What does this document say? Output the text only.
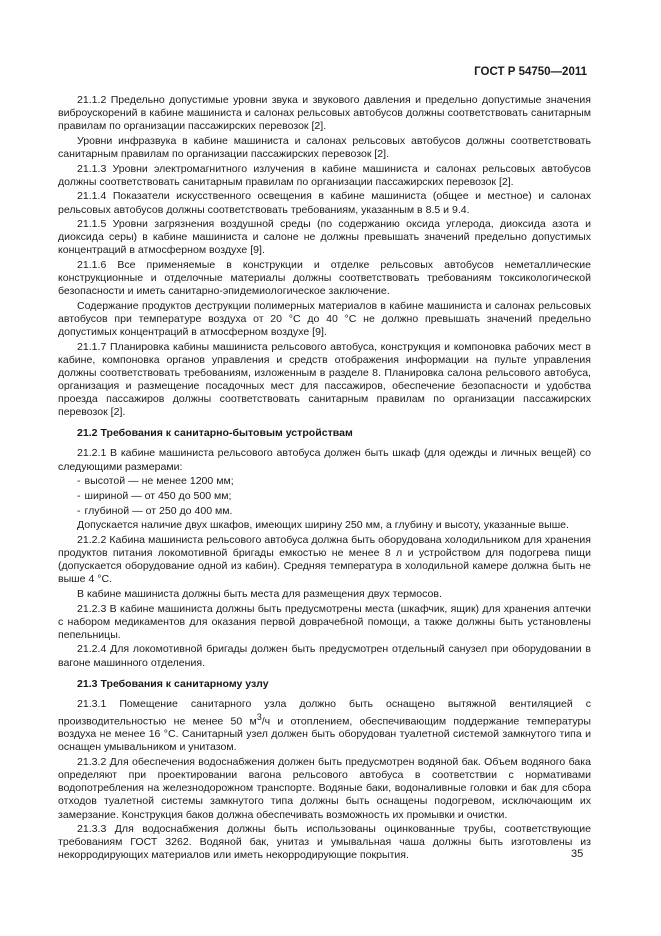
ГОСТ Р 54750—2011

21.1.2 Предельно допустимые уровни звука и звукового давления и предельно допустимые значения виброускорений в кабине машиниста и салонах рельсовых автобусов должны соответствовать санитарным правилам по организации пассажирских перевозок [2].

Уровни инфразвука в кабине машиниста и салонах рельсовых автобусов должны соответствовать санитарным правилам по организации пассажирских перевозок [2].

21.1.3 Уровни электромагнитного излучения в кабине машиниста и салонах рельсовых автобусов должны соответствовать санитарным правилам по организации пассажирских перевозок [2].

21.1.4 Показатели искусственного освещения в кабине машиниста (общее и местное) и салонах рельсовых автобусов должны соответствовать требованиям, указанным в 8.5 и 9.4.

21.1.5 Уровни загрязнения воздушной среды (по содержанию оксида углерода, диоксида азота и диоксида серы) в кабине машиниста и салоне не должны превышать значений предельно допустимых концентраций в атмосферном воздухе [9].

21.1.6 Все применяемые в конструкции и отделке рельсовых автобусов неметаллические конструкционные и отделочные материалы должны соответствовать требованиям токсикологической безопасности и иметь санитарно-эпидемиологическое заключение.

Содержание продуктов деструкции полимерных материалов в кабине машиниста и салонах рельсовых автобусов при температуре воздуха от 20 °С до 40 °С не должно превышать значений предельно допустимых концентраций в атмосферном воздухе [9].

21.1.7 Планировка кабины машиниста рельсового автобуса, конструкция и компоновка рабочих мест в кабине, компоновка органов управления и средств отображения информации на пульте управления должны соответствовать требованиям, изложенным в разделе 8. Планировка салона рельсового автобуса, организация и размещение посадочных мест для пассажиров, обеспечение безопасности и удобства проезда пассажиров должны соответствовать санитарным правилам по организации пассажирских перевозок [2].

21.2 Требования к санитарно-бытовым устройствам

21.2.1 В кабине машиниста рельсового автобуса должен быть шкаф (для одежды и личных вещей) со следующими размерами:

- высотой — не менее 1200 мм;
- шириной — от 450 до 500 мм;
- глубиной — от 250 до 400 мм.

Допускается наличие двух шкафов, имеющих ширину 250 мм, а глубину и высоту, указанные выше.

21.2.2 Кабина машиниста рельсового автобуса должна быть оборудована холодильником для хранения продуктов питания локомотивной бригады емкостью не менее 8 л и устройством для подогрева пищи (допускается оборудование одной из кабин). Средняя температура в холодильной камере должна быть не выше 4 °С.

В кабине машиниста должны быть места для размещения двух термосов.

21.2.3 В кабине машиниста должны быть предусмотрены места (шкафчик, ящик) для хранения аптечки с набором медикаментов для оказания первой доврачебной помощи, а также должны быть установлены пепельницы.

21.2.4 Для локомотивной бригады должен быть предусмотрен отдельный санузел при оборудовании в вагоне машинного отделения.

21.3 Требования к санитарному узлу

21.3.1 Помещение санитарного узла должно быть оснащено вытяжной вентиляцией с производительностью не менее 50 $м^3/ч$ и отоплением, обеспечивающим поддержание температуры воздуха не менее 16 °С. Санитарный узел должен быть оборудован туалетной системой замкнутого типа и оснащен умывальником и унитазом.

21.3.2 Для обеспечения водоснабжения должен быть предусмотрен водяной бак. Объем водяного бака определяют при проектировании вагона рельсового автобуса в соответствии с нормативами водопотребления на железнодорожном транспорте. Водяные баки, водоналивные головки и бак для сбора отходов туалетной системы замкнутого типа должны быть оснащены подогревом, исключающим их замерзание. Конструкция баков должна обеспечивать возможность их промывки и очистки.

21.3.3 Для водоснабжения должны быть использованы оцинкованные трубы, соответствующие требованиям ГОСТ 3262. Водяной бак, унитаз и умывальная чаша должны быть изготовлены из некорродирующих материалов или иметь некорродирующие покрытия.	35
